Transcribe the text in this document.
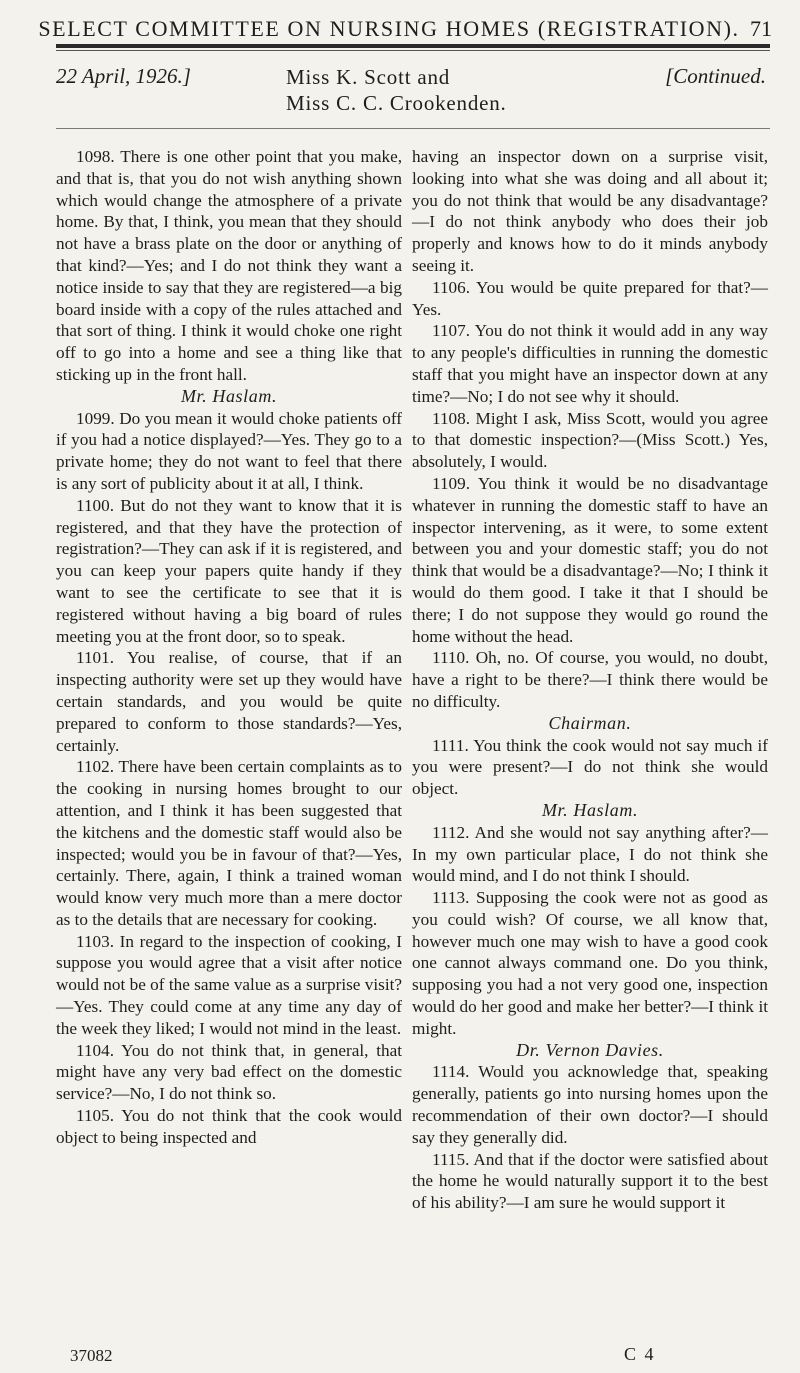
SELECT COMMITTEE ON NURSING HOMES (REGISTRATION). 71
22 April, 1926.]	Miss K. Scott and
Miss C. C. Crookenden.
[Continued.

1098. There is one other point that you make, and that is, that you do not wish anything shown which would change the atmosphere of a private home. By that, I think, you mean that they should not have a brass plate on the door or anything of that kind?—Yes; and I do not think they want a notice inside to say that they are registered—a big board inside with a copy of the rules attached and that sort of thing. I think it would choke one right off to go into a home and see a thing like that sticking up in the front hall.

Mr. Haslam.

1099. Do you mean it would choke patients off if you had a notice displayed?—Yes. They go to a private home; they do not want to feel that there is any sort of publicity about it at all, I think.

1100. But do not they want to know that it is registered, and that they have the protection of registration?—They can ask if it is registered, and you can keep your papers quite handy if they want to see the certificate to see that it is registered without having a big board of rules meeting you at the front door, so to speak.

1101. You realise, of course, that if an inspecting authority were set up they would have certain standards, and you would be quite prepared to conform to those standards?—Yes, certainly.

1102. There have been certain complaints as to the cooking in nursing homes brought to our attention, and I think it has been suggested that the kitchens and the domestic staff would also be inspected; would you be in favour of that?—Yes, certainly. There, again, I think a trained woman would know very much more than a mere doctor as to the details that are necessary for cooking.

1103. In regard to the inspection of cooking, I suppose you would agree that a visit after notice would not be of the same value as a surprise visit?—Yes. They could come at any time any day of the week they liked; I would not mind in the least.

1104. You do not think that, in general, that might have any very bad effect on the domestic service?—No, I do not think so.

1105. You do not think that the cook would object to being inspected and

having an inspector down on a surprise visit, looking into what she was doing and all about it; you do not think that would be any disadvantage?—I do not think anybody who does their job properly and knows how to do it minds anybody seeing it.

1106. You would be quite prepared for that?—Yes.

1107. You do not think it would add in any way to any people's difficulties in running the domestic staff that you might have an inspector down at any time?—No; I do not see why it should.

1108. Might I ask, Miss Scott, would you agree to that domestic inspection?—(Miss Scott.) Yes, absolutely, I would.

1109. You think it would be no disadvantage whatever in running the domestic staff to have an inspector intervening, as it were, to some extent between you and your domestic staff; you do not think that would be a disadvantage?—No; I think it would do them good. I take it that I should be there; I do not suppose they would go round the home without the head.

1110. Oh, no. Of course, you would, no doubt, have a right to be there?—I think there would be no difficulty.

Chairman.

1111. You think the cook would not say much if you were present?—I do not think she would object.

Mr. Haslam.

1112. And she would not say anything after?—In my own particular place, I do not think she would mind, and I do not think I should.

1113. Supposing the cook were not as good as you could wish? Of course, we all know that, however much one may wish to have a good cook one cannot always command one. Do you think, supposing you had a not very good one, inspection would do her good and make her better?—I think it might.

Dr. Vernon Davies.

1114. Would you acknowledge that, speaking generally, patients go into nursing homes upon the recommendation of their own doctor?—I should say they generally did.

1115. And that if the doctor were satisfied about the home he would naturally support it to the best of his ability?—I am sure he would support it

37082	C 4
